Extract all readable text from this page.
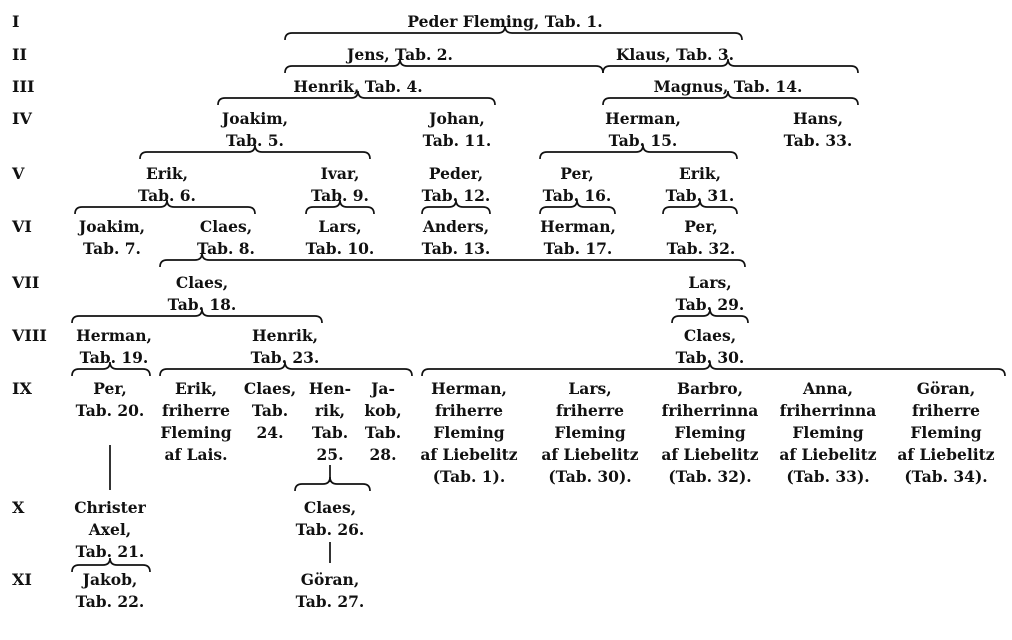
I
II
III
IV
V
VI
VII
VIII
IX
X
XI
Peder Fleming, Tab. 1.
Jens, Tab. 2.	Klaus, Tab. 3.
Henrik, Tab. 4.	Magnus, Tab. 14.
Joakim,
Tab. 5.
Johan,
Tab. 11.
Herman,
Tab. 15.
Hans,
Tab. 33.
Erik,
Tab. 6.
Ivar,
Tab. 9.
Peder,
Tab. 12.
Per,
Tab. 16.
Erik,
Tab. 31.
Joakim,
Tab. 7.
Claes,
Tab. 8.
Lars,
Tab. 10.
Anders,
Tab. 13.
Herman,
Tab. 17.
Per,
Tab. 32.
Claes,
Tab. 18.
Lars,
Tab. 29.
Herman,
Tab. 19.
Henrik,
Tab. 23.
Claes,
Tab. 30.
Per,
Tab. 20.
Erik,
friherre
Fleming
af Lais.
Claes,
Tab.
24.
Hen-
rik,
Tab.
25.
Ja-
kob,
Tab.
28.
Herman,
friherre
Fleming
af Liebelitz
(Tab. 1).
Lars,
friherre
Fleming
af Liebelitz
(Tab. 30).
Barbro,
friherrinna
Fleming
af Liebelitz
(Tab. 32).
Anna,
friherrinna
Fleming
af Liebelitz
(Tab. 33).
Göran,
friherre
Fleming
af Liebelitz
(Tab. 34).
Christer
Axel,
Tab. 21.
Claes,
Tab. 26.
Jakob,
Tab. 22.
Göran,
Tab. 27.
